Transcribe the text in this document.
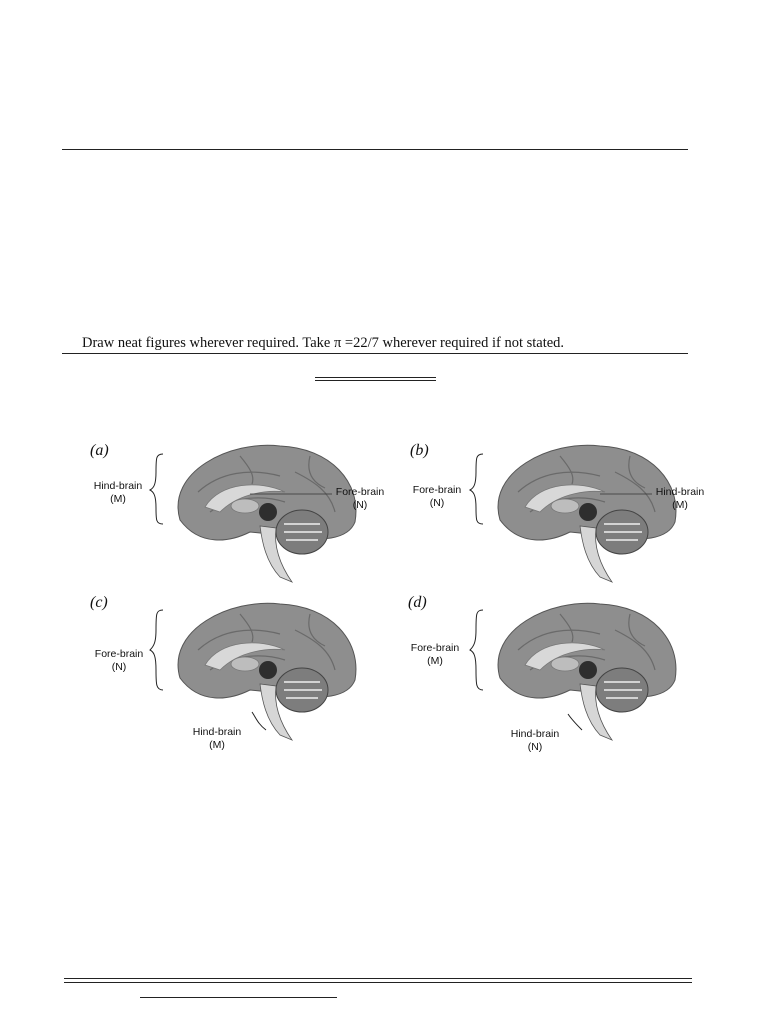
Draw neat figures wherever required. Take π =22/7 wherever required if not stated.
(a)
Hind-brain
(M)
Fore-brain
(N)
(b)
Fore-brain
(N)
Hind-brain
(M)
(c)
Fore-brain
(N)
Hind-brain
(M)
(d)
Fore-brain
(M)
Hind-brain
(N)
